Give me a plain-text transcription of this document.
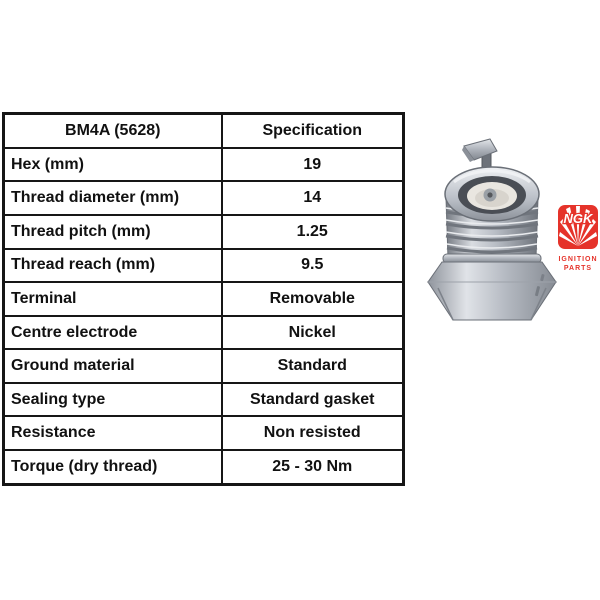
BM4A (5628)	Specification
Hex (mm)	19
Thread diameter (mm)	14
Thread pitch (mm)	1.25
Thread reach (mm)	9.5
Terminal	Removable
Centre electrode	Nickel
Ground material	Standard
Sealing type	Standard gasket
Resistance	Non resisted
Torque (dry thread)	25 - 30 Nm
NGK
IGNITION
PARTS
